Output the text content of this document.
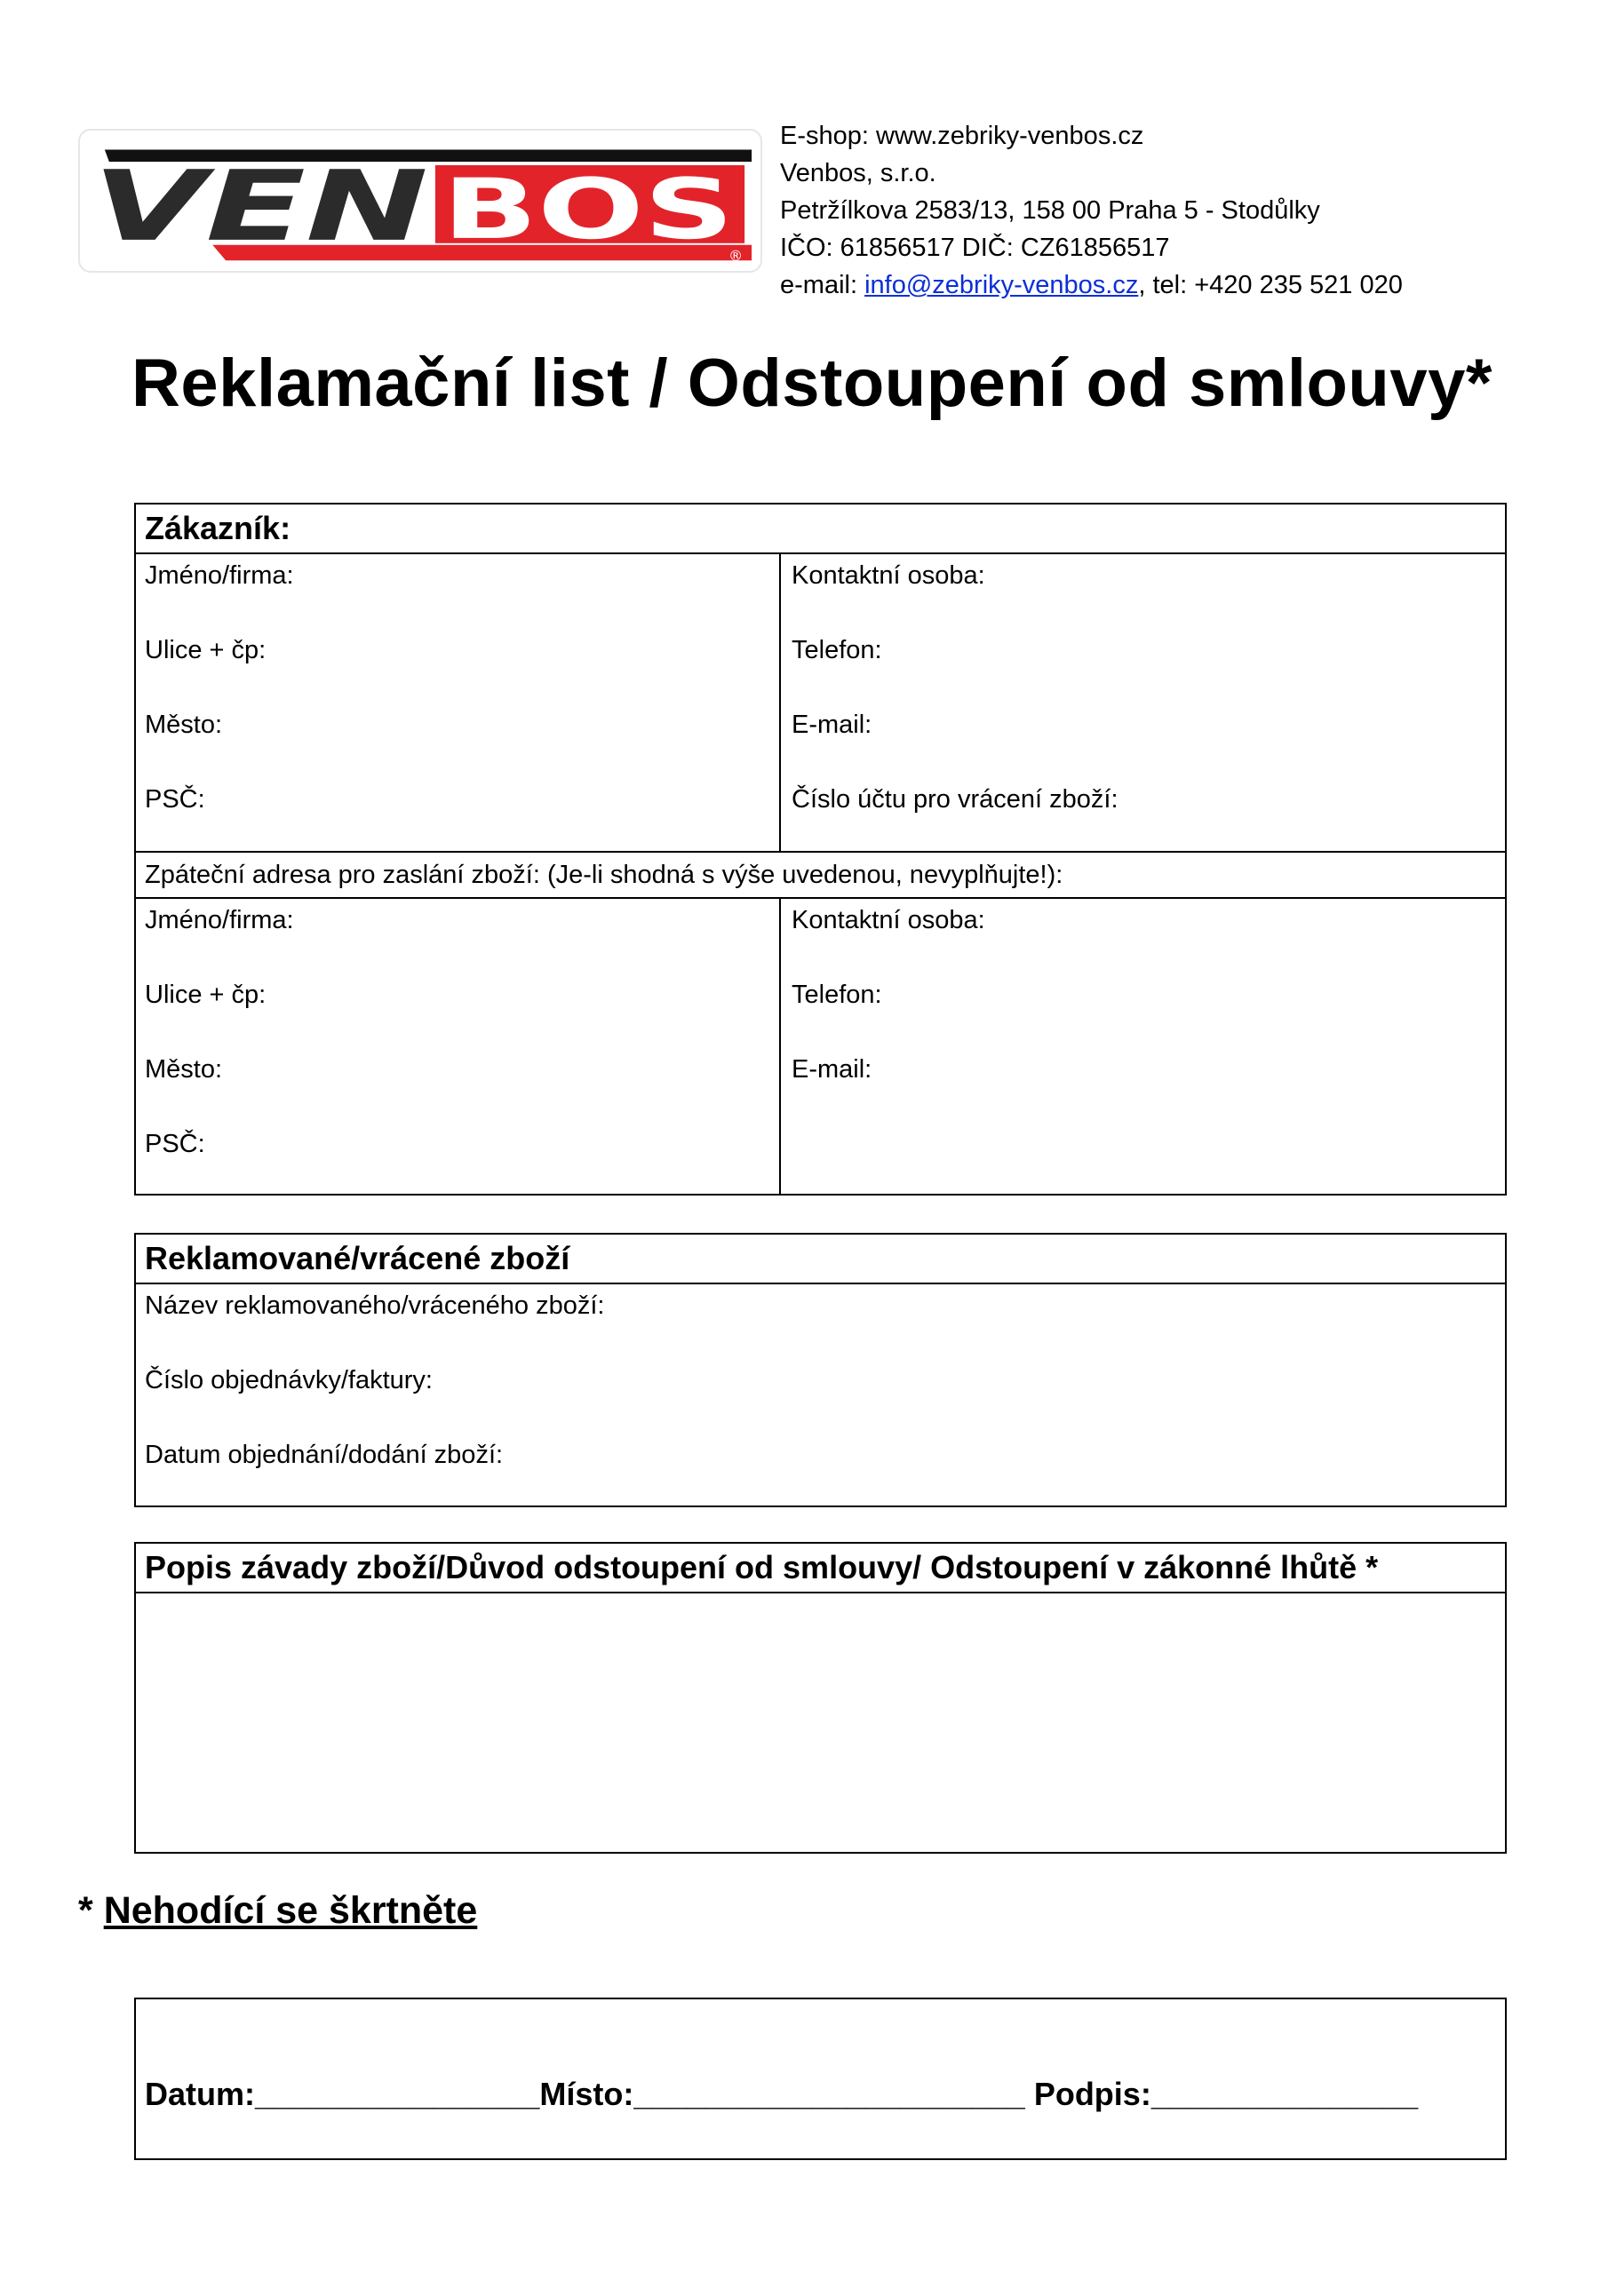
VEN BOS
®
E-shop: www.zebriky-venbos.cz
Venbos, s.r.o.
Petržílkova 2583/13, 158 00 Praha 5 - Stodůlky
IČO: 61856517 DIČ: CZ61856517
e-mail: info@zebriky-venbos.cz, tel: +420 235 521 020
Reklamační list / Odstoupení od smlouvy*
Zákazník:
Jméno/firma:
Ulice + čp:
Město:
PSČ:
Kontaktní osoba:
Telefon:
E-mail:
Číslo účtu pro vrácení zboží:
Zpáteční adresa pro zaslání zboží: (Je-li shodná s výše uvedenou, nevyplňujte!):
Jméno/firma:
Ulice + čp:
Město:
PSČ:
Kontaktní osoba:
Telefon:
E-mail:
Reklamované/vrácené zboží
Název reklamovaného/vráceného zboží:
Číslo objednávky/faktury:
Datum objednání/dodání zboží:
Popis závady zboží/Důvod odstoupení od smlouvy/ Odstoupení v zákonné lhůtě *
* Nehodící se škrtněte
Datum:________________Místo:______________________ Podpis:_______________
